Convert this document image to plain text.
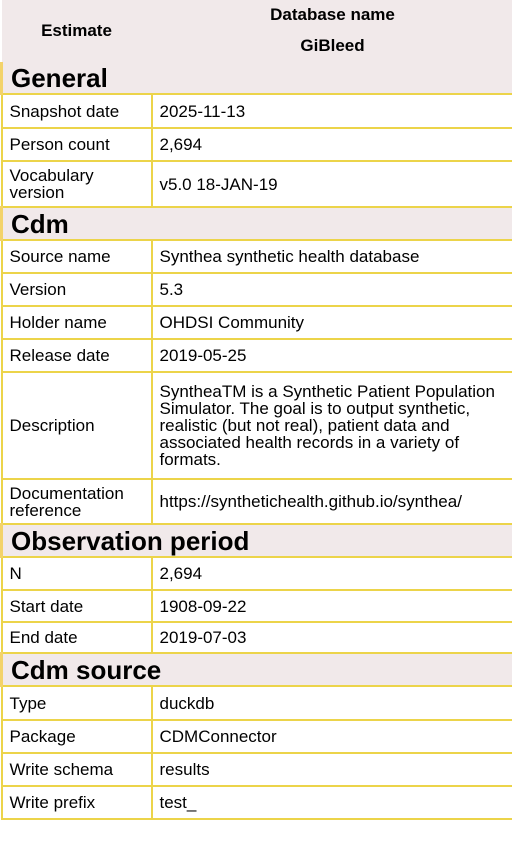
Estimate	Database name
GiBleed

General	
Snapshot date	2025-11-13
Person count	2,694
Vocabulary version	v5.0 18-JAN-19
Cdm	
Source name	Synthea synthetic health database
Version	5.3
Holder name	OHDSI Community
Release date	2019-05-25
Description	SyntheaTM is a Synthetic Patient Population Simulator. The goal is to output synthetic, realistic (but not real), patient data and associated health records in a variety of formats.
Documentation reference	https://synthetichealth.github.io/synthea/
Observation period	
N	2,694
Start date	1908-09-22
End date	2019-07-03
Cdm source	
Type	duckdb
Package	CDMConnector
Write schema	results
Write prefix	test_
